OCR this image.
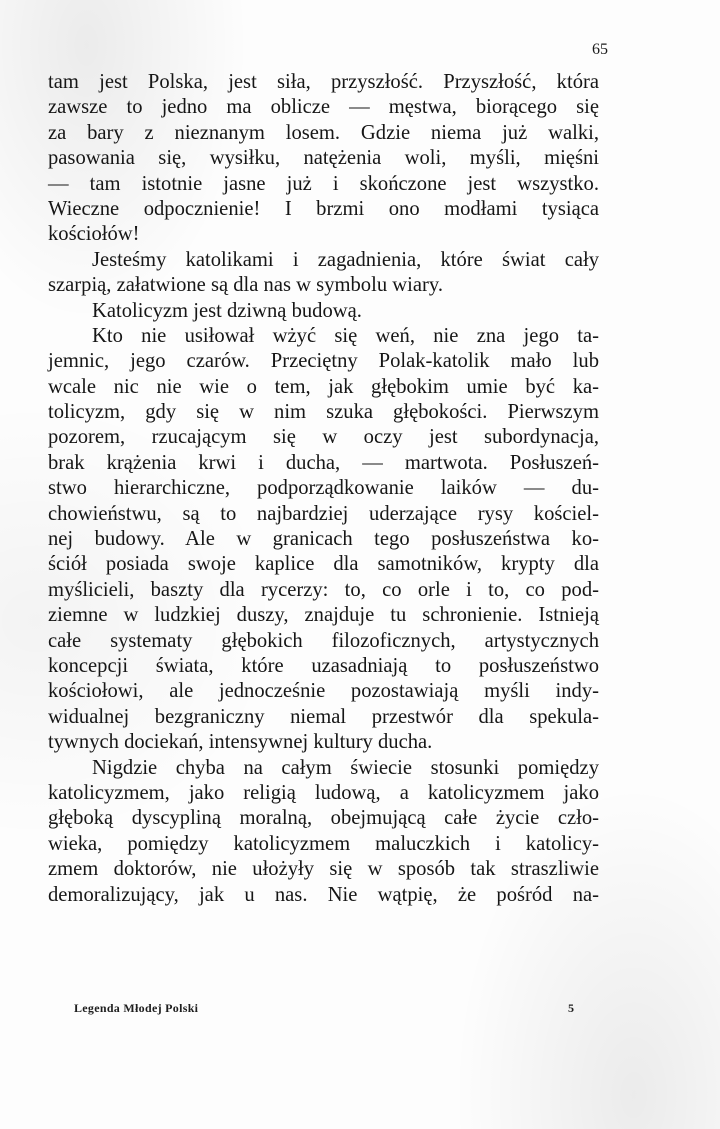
65
tam jest Polska, jest siła, przyszłość. Przyszłość, która
zawsze to jedno ma oblicze — męstwa, biorącego się
za bary z nieznanym losem. Gdzie niema już walki,
pasowania się, wysiłku, natężenia woli, myśli, mięśni
— tam istotnie jasne już i skończone jest wszystko.
Wieczne odpocznienie! I brzmi ono modłami tysiąca
kościołów!
Jesteśmy katolikami i zagadnienia, które świat cały
szarpią, załatwione są dla nas w symbolu wiary.
Katolicyzm jest dziwną budową.
Kto nie usiłował wżyć się weń, nie zna jego ta-
jemnic, jego czarów. Przeciętny Polak-katolik mało lub
wcale nic nie wie o tem, jak głębokim umie być ka-
tolicyzm, gdy się w nim szuka głębokości. Pierwszym
pozorem, rzucającym się w oczy jest subordynacja,
brak krążenia krwi i ducha, — martwota. Posłuszeń-
stwo hierarchiczne, podporządkowanie laików — du-
chowieństwu, są to najbardziej uderzające rysy kościel-
nej budowy. Ale w granicach tego posłuszeństwa ko-
ściół posiada swoje kaplice dla samotników, krypty dla
myślicieli, baszty dla rycerzy: to, co orle i to, co pod-
ziemne w ludzkiej duszy, znajduje tu schronienie. Istnieją
całe systematy głębokich filozoficznych, artystycznych
koncepcji świata, które uzasadniają to posłuszeństwo
kościołowi, ale jednocześnie pozostawiają myśli indy-
widualnej bezgraniczny niemal przestwór dla spekula-
tywnych dociekań, intensywnej kultury ducha.
Nigdzie chyba na całym świecie stosunki pomiędzy
katolicyzmem, jako religią ludową, a katolicyzmem jako
głęboką dyscypliną moralną, obejmującą całe życie czło-
wieka, pomiędzy katolicyzmem maluczkich i katolicy-
zmem doktorów, nie ułożyły się w sposób tak straszliwie
demoralizujący, jak u nas. Nie wątpię, że pośród na-
Legenda Młodej Polski	5
